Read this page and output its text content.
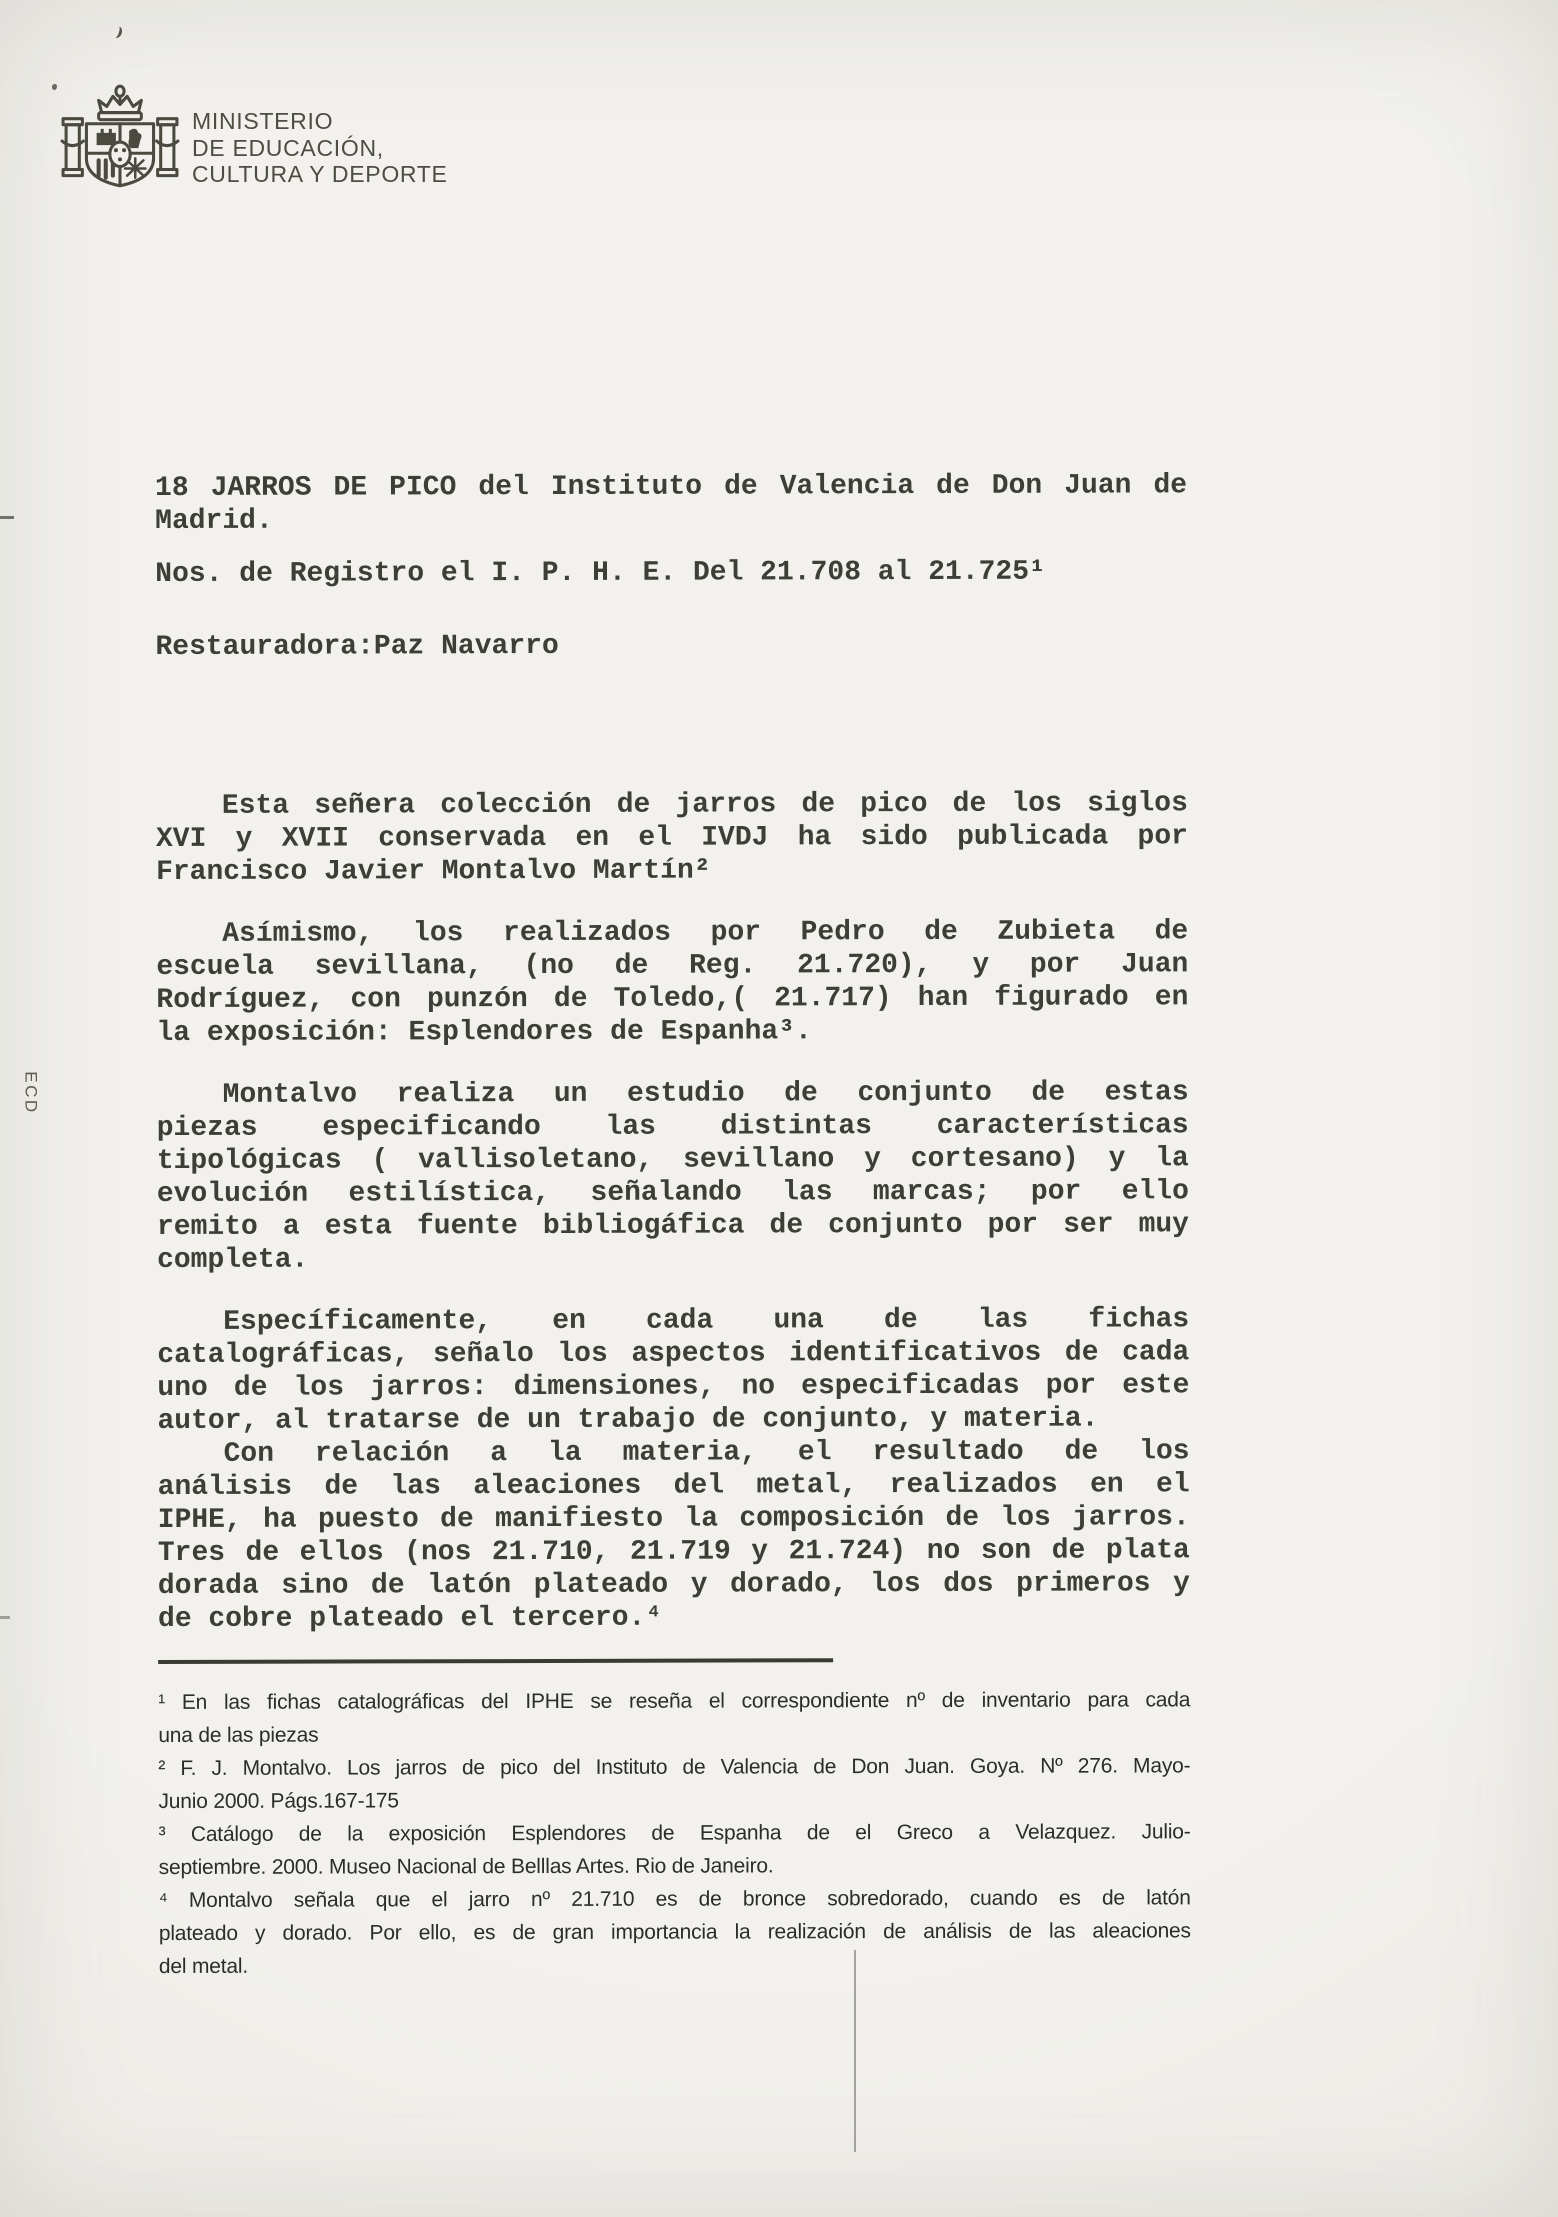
MINISTERIO
DE EDUCACIÓN,
CULTURA Y DEPORTE
ECD
18 JARROS DE PICO del Instituto de Valencia de Don Juan de
Madrid.
Nos. de Registro el I. P. H. E. Del 21.708 al 21.725¹
Restauradora:Paz Navarro
Esta señera colección de jarros de pico de los siglos
XVI y XVII conservada en el IVDJ ha sido publicada por
Francisco Javier Montalvo Martín²
Asímismo, los realizados por Pedro de Zubieta de
escuela sevillana, (no de Reg. 21.720), y por Juan
Rodríguez, con punzón de Toledo,( 21.717) han figurado en
la exposición: Esplendores de Espanha³.
Montalvo realiza un estudio de conjunto de estas
piezas especificando las distintas características
tipológicas ( vallisoletano, sevillano y cortesano) y la
evolución estilística, señalando las marcas; por ello
remito a esta fuente bibliogáfica de conjunto por ser muy
completa.
Específicamente, en cada una de las fichas
catalográficas, señalo los aspectos identificativos de cada
uno de los jarros: dimensiones, no especificadas por este
autor, al tratarse de un trabajo de conjunto, y materia.
Con relación a la materia, el resultado de los
análisis de las aleaciones del metal, realizados en el
IPHE, ha puesto de manifiesto la composición de los jarros.
Tres de ellos (nos 21.710, 21.719 y 21.724) no son de plata
dorada sino de latón plateado y dorado, los dos primeros y
de cobre plateado el tercero.⁴
¹ En las fichas catalográficas del IPHE se reseña el correspondiente nº de inventario para cada
una de las piezas
² F. J. Montalvo. Los jarros de pico del Instituto de Valencia de Don Juan. Goya. Nº 276. Mayo-
Junio 2000. Págs.167-175
³ Catálogo de la exposición Esplendores de Espanha de el Greco a Velazquez. Julio-
septiembre. 2000. Museo Nacional de Belllas Artes. Rio de Janeiro.
⁴ Montalvo señala que el jarro nº 21.710 es de bronce sobredorado, cuando es de latón
plateado y dorado. Por ello, es de gran importancia la realización de análisis de las aleaciones
del metal.
